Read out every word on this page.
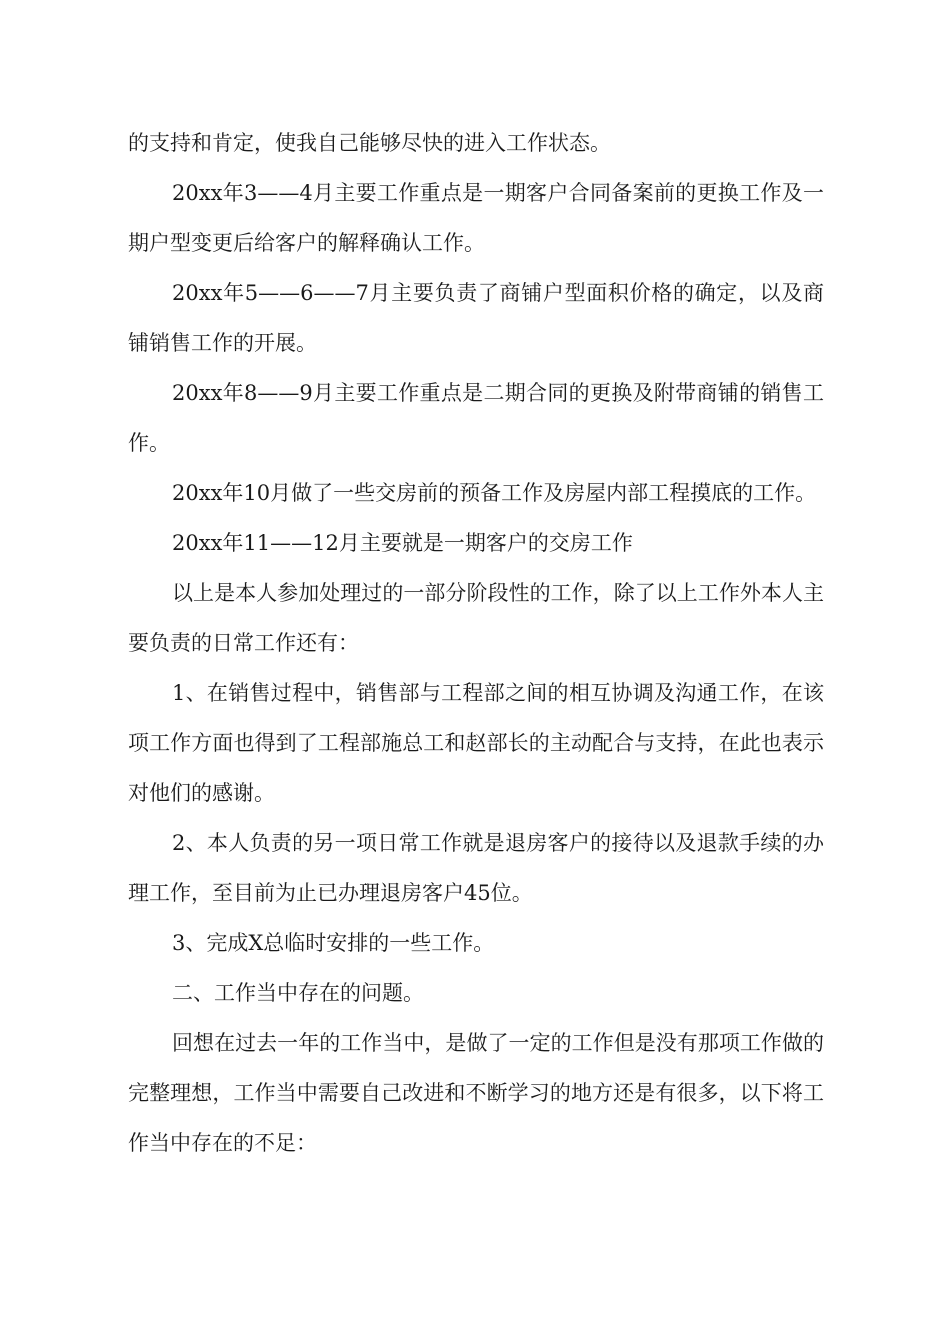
的支持和肯定，使我自己能够尽快的进入工作状态。

20xx年3——4月主要工作重点是一期客户合同备案前的更换工作及一期户型变更后给客户的解释确认工作。

20xx年5——6——7月主要负责了商铺户型面积价格的确定，以及商铺销售工作的开展。

20xx年8——9月主要工作重点是二期合同的更换及附带商铺的销售工作。

20xx年10月做了一些交房前的预备工作及房屋内部工程摸底的工作。

20xx年11——12月主要就是一期客户的交房工作

以上是本人参加处理过的一部分阶段性的工作，除了以上工作外本人主要负责的日常工作还有：

1、在销售过程中，销售部与工程部之间的相互协调及沟通工作，在该项工作方面也得到了工程部施总工和赵部长的主动配合与支持，在此也表示对他们的感谢。

2、本人负责的另一项日常工作就是退房客户的接待以及退款手续的办理工作，至目前为止已办理退房客户45位。

3、完成X总临时安排的一些工作。

二、工作当中存在的问题。

回想在过去一年的工作当中，是做了一定的工作但是没有那项工作做的完整理想，工作当中需要自己改进和不断学习的地方还是有很多，以下将工作当中存在的不足：
